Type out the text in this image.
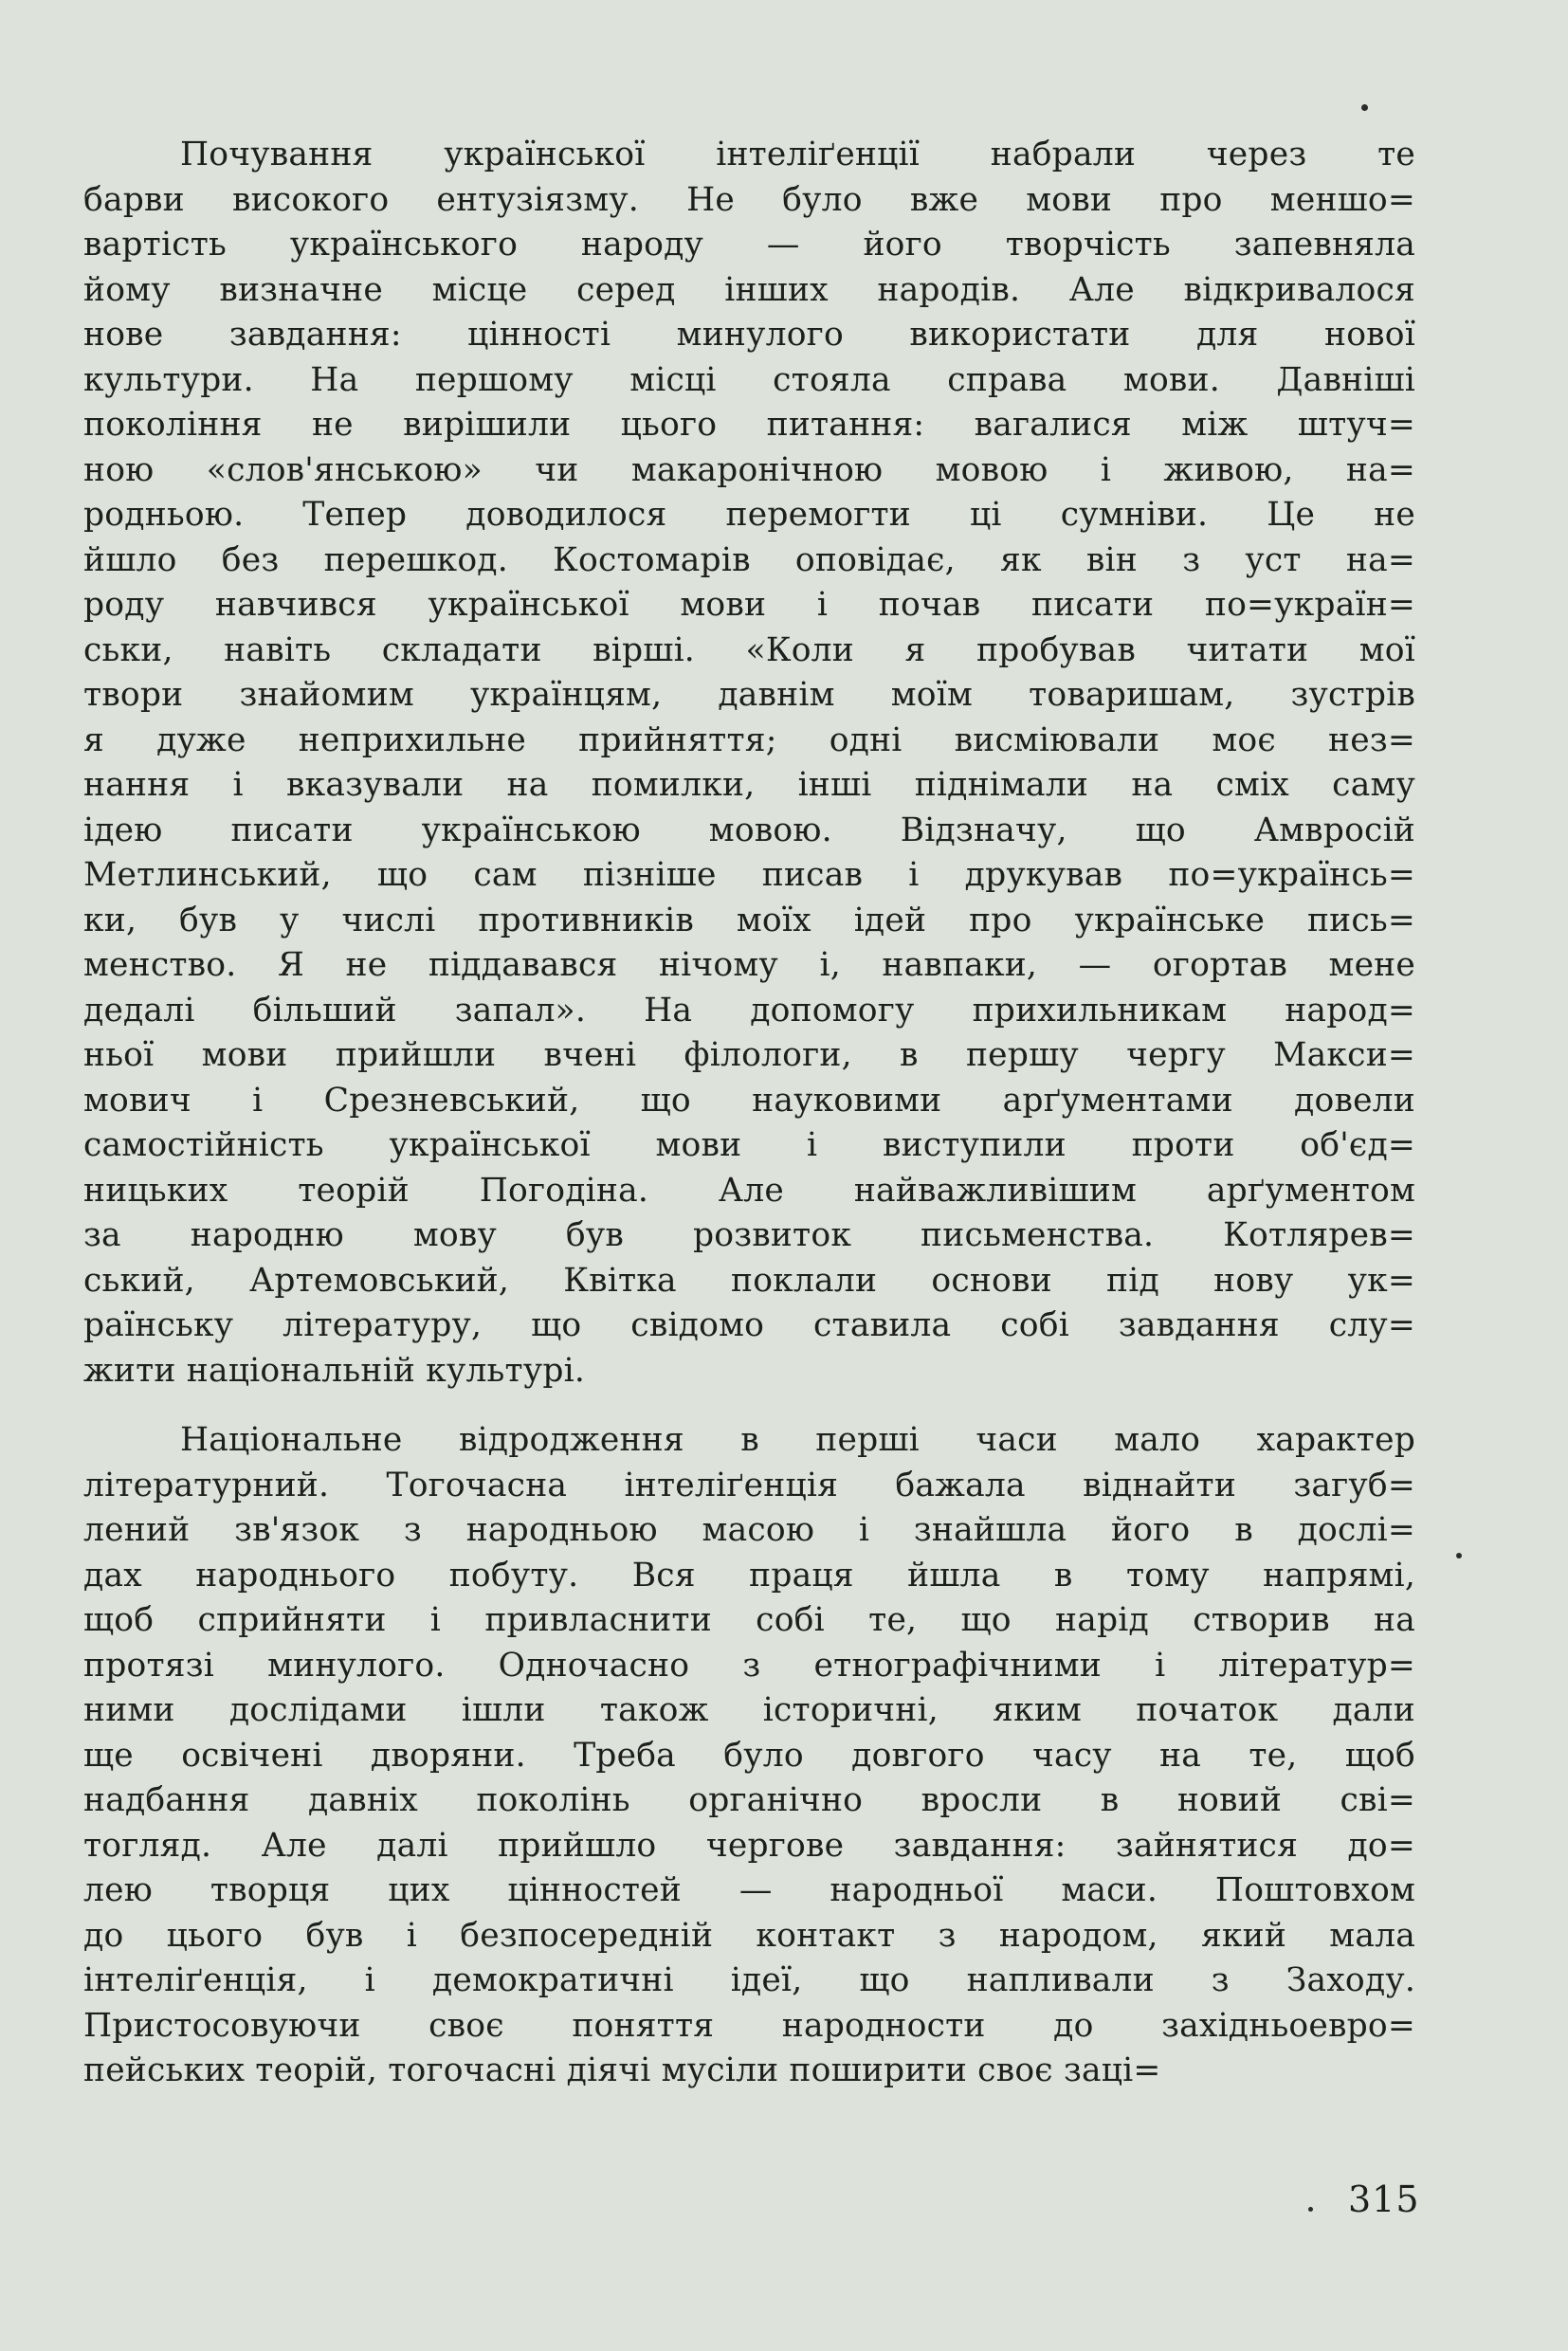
Почування української інтеліґенції набрали через те
барви високого ентузіязму. Не було вже мови про меншо=
вартість українського народу — його творчість запевняла
йому визначне місце серед інших народів. Але відкривалося
нове завдання: цінності минулого використати для нової
культури. На першому місці стояла справа мови. Давніші
покоління не вирішили цього питання: вагалися між штуч=
ною «слов'янською» чи макаронічною мовою і живою, на=
родньою. Тепер доводилося перемогти ці сумніви. Це не
йшло без перешкод. Костомарів оповідає, як він з уст на=
роду навчився української мови і почав писати по=україн=
ськи, навіть складати вірші. «Коли я пробував читати мої
твори знайомим українцям, давнім моїм товаришам, зустрів
я дуже неприхильне прийняття; одні висміювали моє нез=
нання і вказували на помилки, інші піднімали на сміх саму
ідею писати українською мовою. Відзначу, що Амвросій
Метлинський, що сам пізніше писав і друкував по=українсь=
ки, був у числі противників моїх ідей про українське пись=
менство. Я не піддавався нічому і, навпаки, — огортав мене
дедалі більший запал». На допомогу прихильникам народ=
ньої мови прийшли вчені філологи, в першу чергу Макси=
мович і Срезневський, що науковими арґументами довели
самостійність української мови і виступили проти об'єд=
ницьких теорій Погодіна. Але найважливішим арґументом
за народню мову був розвиток письменства. Котлярев=
ський, Артемовський, Квітка поклали основи під нову ук=
раїнську літературу, що свідомо ставила собі завдання слу=
жити національній культурі.
Національне відродження в перші часи мало характер
літературний. Тогочасна інтеліґенція бажала віднайти загуб=
лений зв'язок з народньою масою і знайшла його в дослі=
дах народнього побуту. Вся праця йшла в тому напрямі,
щоб сприйняти і привласнити собі те, що нарід створив на
протязі минулого. Одночасно з етнографічними і літератур=
ними дослідами ішли також історичні, яким початок дали
ще освічені дворяни. Треба було довгого часу на те, щоб
надбання давніх поколінь органічно вросли в новий сві=
тогляд. Але далі прийшло чергове завдання: зайнятися до=
лею творця цих цінностей — народньої маси. Поштовхом
до цього був і безпосередній контакт з народом, який мала
інтеліґенція, і демократичні ідеї, що напливали з Заходу.
Пристосовуючи своє поняття народности до західньоевро=
пейських теорій, тогочасні діячі мусіли поширити своє заці=
315
